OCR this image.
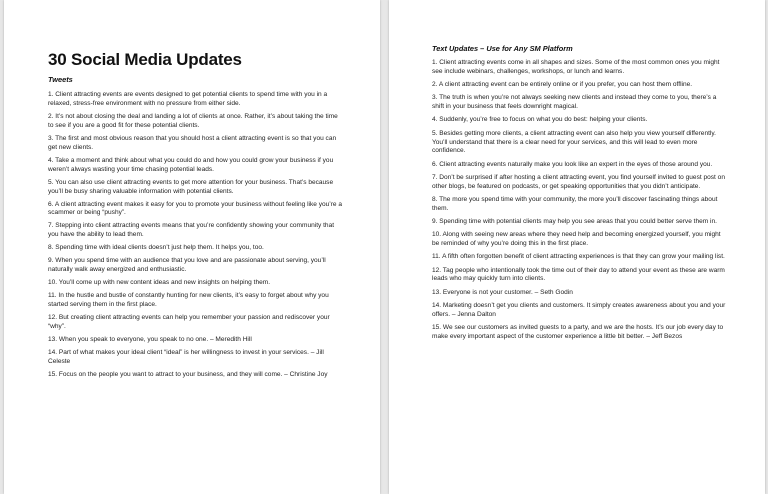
30 Social Media Updates
Tweets
1. Client attracting events are events designed to get potential clients to spend time with you in a relaxed, stress-free environment with no pressure from either side.
2. It’s not about closing the deal and landing a lot of clients at once. Rather, it’s about taking the time to see if you are a good fit for these potential clients.
3. The first and most obvious reason that you should host a client attracting event is so that you can get new clients.
4. Take a moment and think about what you could do and how you could grow your business if you weren’t always wasting your time chasing potential leads.
5. You can also use client attracting events to get more attention for your business. That’s because you’ll be busy sharing valuable information with potential clients.
6. A client attracting event makes it easy for you to promote your business without feeling like you’re a scammer or being “pushy”.
7. Stepping into client attracting events means that you’re confidently showing your community that you have the ability to lead them.
8. Spending time with ideal clients doesn’t just help them. It helps you, too.
9. When you spend time with an audience that you love and are passionate about serving, you’ll naturally walk away energized and enthusiastic.
10. You’ll come up with new content ideas and new insights on helping them.
11. In the hustle and bustle of constantly hunting for new clients, it’s easy to forget about why you started serving them in the first place.
12. But creating client attracting events can help you remember your passion and rediscover your “why”.
13. When you speak to everyone, you speak to no one. – Meredith Hill
14. Part of what makes your ideal client “ideal” is her willingness to invest in your services. – Jill Celeste
15. Focus on the people you want to attract to your business, and they will come. – Christine Joy
Text Updates – Use for Any SM Platform
1. Client attracting events come in all shapes and sizes. Some of the most common ones you might see include webinars, challenges, workshops, or lunch and learns.
2. A client attracting event can be entirely online or if you prefer, you can host them offline.
3. The truth is when you’re not always seeking new clients and instead they come to you, there’s a shift in your business that feels downright magical.
4. Suddenly, you’re free to focus on what you do best: helping your clients.
5. Besides getting more clients, a client attracting event can also help you view yourself differently. You’ll understand that there is a clear need for your services, and this will lead to even more confidence.
6. Client attracting events naturally make you look like an expert in the eyes of those around you.
7. Don’t be surprised if after hosting a client attracting event, you find yourself invited to guest post on other blogs, be featured on podcasts, or get speaking opportunities that you didn’t anticipate.
8. The more you spend time with your community, the more you’ll discover fascinating things about them.
9. Spending time with potential clients may help you see areas that you could better serve them in.
10. Along with seeing new areas where they need help and becoming energized yourself, you might be reminded of why you’re doing this in the first place.
11. A fifth often forgotten benefit of client attracting experiences is that they can grow your mailing list.
12. Tag people who intentionally took the time out of their day to attend your event as these are warm leads who may quickly turn into clients.
13. Everyone is not your customer. – Seth Godin
14. Marketing doesn’t get you clients and customers. It simply creates awareness about you and your offers. – Jenna Dalton
15. We see our customers as invited guests to a party, and we are the hosts. It’s our job every day to make every important aspect of the customer experience a little bit better. – Jeff Bezos
